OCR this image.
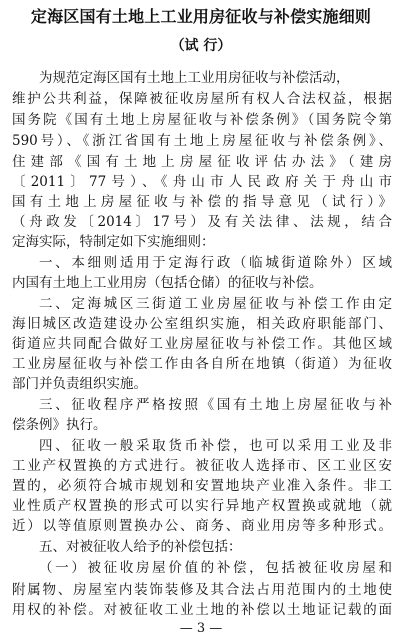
定海区国有土地上工业用房征收与补偿实施细则
（试 行）
为规范定海区国有土地上工业用房征收与补偿活动，
维护公共利益，保障被征收房屋所有权人合法权益，根据
国务院《国有土地上房屋征收与补偿条例》（国务院令第
590号）、《浙江省国有土地上房屋征收与补偿条例》、
住建部《国有土地上房屋征收评估办法》（建房
〔2011〕77号）、《舟山市人民政府关于舟山市
国有土地上房屋征收与补偿的指导意见（试行）》
（舟政发〔2014〕17号）及有关法律、法规，结合
定海实际，特制定如下实施细则：
一、本细则适用于定海行政（临城街道除外）区域
内国有土地上工业用房（包括仓储）的征收与补偿。
二、定海城区三街道工业房屋征收与补偿工作由定
海旧城区改造建设办公室组织实施，相关政府职能部门、
街道应共同配合做好工业房屋征收与补偿工作。其他区域
工业房屋征收与补偿工作由各自所在地镇（街道）为征收
部门并负责组织实施。
三、征收程序严格按照《国有土地上房屋征收与补
偿条例》执行。
四、征收一般采取货币补偿，也可以采用工业及非
工业产权置换的方式进行。被征收人选择市、区工业区安
置的，必须符合城市规划和安置地块产业准入条件。非工
业性质产权置换的形式可以实行异地产权置换或就地（就
近）以等值原则置换办公、商务、商业用房等多种形式。
五、对被征收人给予的补偿包括：
（一）被征收房屋价值的补偿，包括被征收房屋和
附属物、房屋室内装饰装修及其合法占用范围内的土地使
用权的补偿。对被征收工业土地的补偿以土地证记载的面
— 3 —
